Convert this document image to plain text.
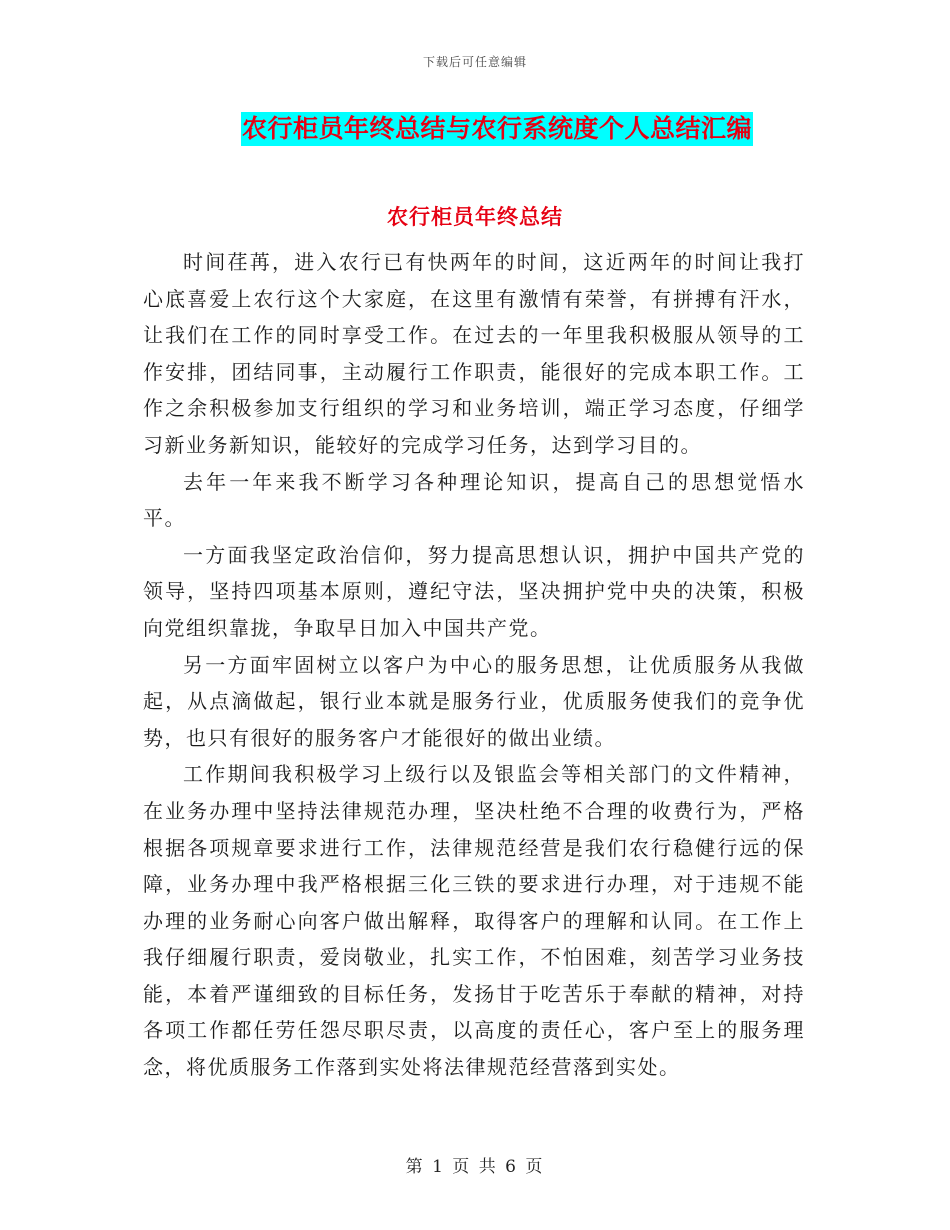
下载后可任意编辑
农行柜员年终总结与农行系统度个人总结汇编
农行柜员年终总结

时间荏苒，进入农行已有快两年的时间，这近两年的时间让我打心底喜爱上农行这个大家庭，在这里有激情有荣誉，有拼搏有汗水，让我们在工作的同时享受工作。在过去的一年里我积极服从领导的工作安排，团结同事，主动履行工作职责，能很好的完成本职工作。工作之余积极参加支行组织的学习和业务培训，端正学习态度，仔细学习新业务新知识，能较好的完成学习任务，达到学习目的。

去年一年来我不断学习各种理论知识，提高自己的思想觉悟水平。

一方面我坚定政治信仰，努力提高思想认识，拥护中国共产党的领导，坚持四项基本原则，遵纪守法，坚决拥护党中央的决策，积极向党组织靠拢，争取早日加入中国共产党。

另一方面牢固树立以客户为中心的服务思想，让优质服务从我做起，从点滴做起，银行业本就是服务行业，优质服务使我们的竞争优势，也只有很好的服务客户才能很好的做出业绩。

工作期间我积极学习上级行以及银监会等相关部门的文件精神，在业务办理中坚持法律规范办理，坚决杜绝不合理的收费行为，严格根据各项规章要求进行工作，法律规范经营是我们农行稳健行远的保障，业务办理中我严格根据三化三铁的要求进行办理，对于违规不能办理的业务耐心向客户做出解释，取得客户的理解和认同。在工作上我仔细履行职责，爱岗敬业，扎实工作，不怕困难，刻苦学习业务技能，本着严谨细致的目标任务，发扬甘于吃苦乐于奉献的精神，对持各项工作都任劳任怨尽职尽责，以高度的责任心，客户至上的服务理念，将优质服务工作落到实处将法律规范经营落到实处。

第 1 页 共 6 页
